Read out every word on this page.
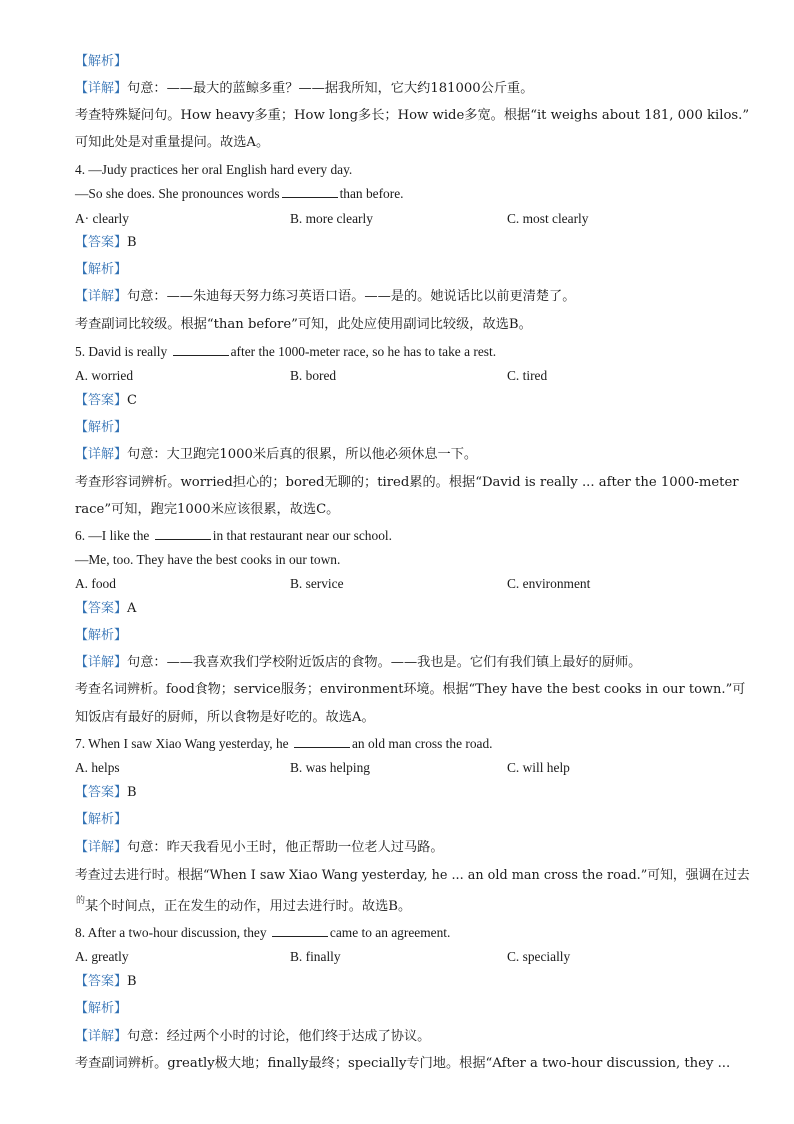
【解析】
【详解】句意：——最大的蓝鲸多重？——据我所知，它大约181000公斤重。
考查特殊疑问句。How heavy多重；How long多长；How wide多宽。根据“it weighs about 181, 000 kilos.”
可知此处是对重量提问。故选A。
4. —Judy practices her oral English hard every day.
—So she does. She pronounces words	than before.
A· clearly	B. more clearly	C. most clearly
【答案】B
【解析】
【详解】句意：——朱迪每天努力练习英语口语。——是的。她说话比以前更清楚了。
考查副词比较级。根据“than before”可知，此处应使用副词比较级，故选B。
5. David is really	after the 1000-meter race, so he has to take a rest.
A. worried	B. bored	C. tired
【答案】C
【解析】
【详解】句意：大卫跑完1000米后真的很累，所以他必须休息一下。
考查形容词辨析。worried担心的；bored无聊的；tired累的。根据“David is really ... after the 1000-meter
race”可知，跑完1000米应该很累，故选C。
6. —I like the	in that restaurant near our school.
—Me, too. They have the best cooks in our town.
A. food	B. service	C. environment
【答案】A
【解析】
【详解】句意：——我喜欢我们学校附近饭店的食物。——我也是。它们有我们镇上最好的厨师。
考查名词辨析。food食物；service服务；environment环境。根据“They have the best cooks in our town.”可
知饭店有最好的厨师，所以食物是好吃的。故选A。
7. When I saw Xiao Wang yesterday, he	an old man cross the road.
A. helps	B. was helping	C. will help
【答案】B
【解析】
【详解】句意：昨天我看见小王时，他正帮助一位老人过马路。
考查过去进行时。根据“When I saw Xiao Wang yesterday, he ... an old man cross the road.”可知，强调在过去
的 某个时间点，正在发生的动作，用过去进行时。故选B。
8. After a two-hour discussion, they	came to an agreement.
A. greatly	B. finally	C. specially
【答案】B
【解析】
【详解】句意：经过两个小时的讨论，他们终于达成了协议。
考查副词辨析。greatly极大地；finally最终；specially专门地。根据“After a two-hour discussion, they ...
